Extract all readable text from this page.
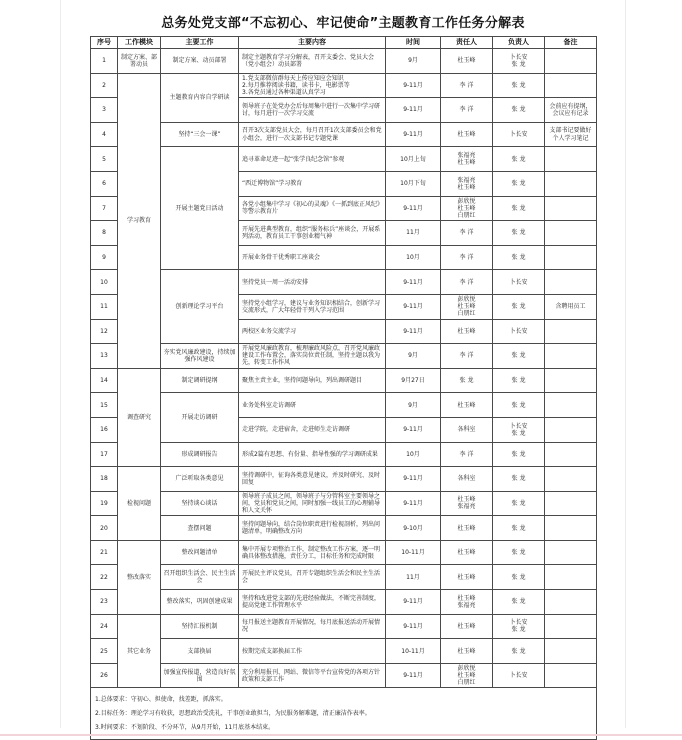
总务处党支部“不忘初心、牢记使命”主题教育工作任务分解表
序号	工作模块	主要工作	主要内容	时间	责任人	负责人	备注
1	制定方案、部署动员	制定方案、动员部署	制定主题教育学习分解表，召开支委会、党员大会（党小组会）动员部署	9月	杜玉峰	卜长安
张 龙	
2	学习教育	主题教育内容自学研读	1.党支部微信群每天上传应知应会知识
2.每月推荐阅读书籍，读书卡，电影票等
3.各党员通过各种渠道认真学习	9-11月	李 洋	张 龙	
3			领导班子在处党办会后每周集中进行一次集中学习研讨，每月进行一次学习交流	9-11月	李 洋	张 龙	会前应有提纲，会议应有记录
4		坚持“三会一课”	召开3次支部党员大会，每月召开1次支部委员会和党小组会，进行一次支部书记专题党课	9-11月	杜玉峰	卜长安	支部书记要做好个人学习笔记
5		开展主题党日活动	追寻革命足迹一起“张学良纪念馆”参观	10月上旬	张福亮
杜玉峰	张 龙	
6			“西迁博物馆”学习教育	10月下旬	张福亮
杜玉峰	张 龙	
7			各党小组集中学习《初心的灵魂》《一抓到底正风纪》等警示教育片	9-11月	彭欣悦
杜玉峰
白朋红	张 龙	
8			开展先进典型教育，组织“服务标兵”座谈会，开展系列活动，教育员工干事创业精气神	11月	李 洋	张 龙	
9			开展业务骨干优秀职工座谈会	10月	李 洋	张 龙	
10		创新理论学习平台	坚持党员一周一活动安排	9-11月	李 洋	卜长安	
11			坚持党小组学习，建议与业务知识相结合，创新学习交流形式，广大年轻骨干列入学习范围	9-11月	彭欣悦
杜玉峰
白朋红	张 龙	含聘用员工
12			两校区业务交流学习	9-11月	杜玉峰	卜长安	
13		夯实党风廉政建设，持续加强作风建设	开展党风廉政教育，梳理廉政风险点，召开党风廉政建设工作布置会，落实岗位责任制，坚持主题以我为先，转变工作作风	9月	李 洋	张 龙	
14	调查研究	制定调研提纲	聚焦主责主业，坚持问题导向，列出调研题目	9月27日	张 龙	张 龙	
15		开展走访调研	业务处科室走访调研	9月	杜玉峰	张 龙	
16			走进学院，走进宿舍，走进师生走访调研	9-11月	各科室	卜长安
张 龙	
17		形成调研报告	形成2篇有思想、有份量、指导性强的学习调研成果	10月	李 洋	张 龙	
18	检视问题	广泛听取各类意见	坚持调研中，征询各类意见建议，并及时研究、及时回复	9-11月	各科室	张 龙	
19		坚持谈心谈话	领导班子成员之间，领导班子与分管科室主要领导之间，党员和党员之间，同时加强一线员工的心理辅导和人文关怀	9-11月	杜玉峰
张福亮	张 龙	
20		查摆问题	坚持问题导向，结合岗位职责进行检视剖析，列出问题清单，明确整改方向	9-10月	杜玉峰	张 龙	
21	整改落实	整改问题清单	集中开展专项整治工作，制定整改工作方案，逐一明确具体整改措施，责任分工，目标任务和完成时限	10-11月	杜玉峰	张 龙	
22		召开组织生活会、民主生活会	开展民主评议党员，召开专题组织生活会和民主生活会	11月	杜玉峰	张 龙	
23		整改落实，巩固创建成果	坚持和改进党支部的先进经验做法，不断完善制度，提高党建工作管理水平	9-11月	杜玉峰
张福亮	张 龙	
24	其它业务	坚持汇报机制	每月报送主题教育开展情况，每月底报送活动开展情况	9-11月	杜玉峰	卜长安
张 龙	
25		支部换届	按期完成支部换届工作	10-11月	杜玉峰	张 龙	
26		加强宣传报道，营造良好氛围	充分利用报刊、网站、微信等平台宣传党的各项方针政策和支部工作	9-11月	彭欣悦
杜玉峰
白朋红	卜长安	

1.总体要求：守初心、担使命，找差距，抓落实。

2.目标任务：理论学习有收获，思想政治受洗礼，干事创业敢担当，为民服务解难题，清正廉洁作表率。

3.时间要求：不划阶段、不分环节，从9月开始，11月底基本结束。							
